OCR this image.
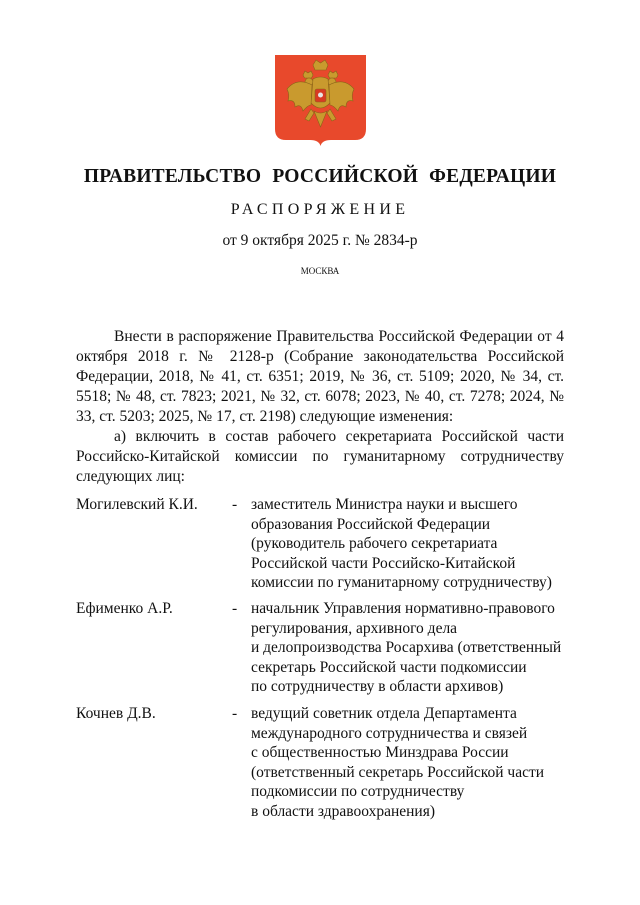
ПРАВИТЕЛЬСТВО РОССИЙСКОЙ ФЕДЕРАЦИИ
РАСПОРЯЖЕНИЕ
от 9 октября 2025 г. № 2834-р
МОСКВА

Внести в распоряжение Правительства Российской Федерации от 4 октября 2018 г. № 2128-р (Собрание законодательства Российской Федерации, 2018, № 41, ст. 6351; 2019, № 36, ст. 5109; 2020, № 34, ст. 5518; № 48, ст. 7823; 2021, № 32, ст. 6078; 2023, № 40, ст. 7278; 2024, № 33, ст. 5203; 2025, № 17, ст. 2198) следующие изменения:

а) включить в состав рабочего секретариата Российской части Российско-Китайской комиссии по гуманитарному сотрудничеству следующих лиц:

Могилевский К.И. - заместитель Министра науки и высшего
образования Российской Федерации
(руководитель рабочего секретариата
Российской части Российско-Китайской
комиссии по гуманитарному сотрудничеству)
Ефименко А.Р.	- начальник Управления нормативно-правового
регулирования, архивного дела
и делопроизводства Росархива (ответственный
секретарь Российской части подкомиссии
по сотрудничеству в области архивов)
Кочнев Д.В.	- ведущий советник отдела Департамента
международного сотрудничества и связей
с общественностью Минздрава России
(ответственный секретарь Российской части
подкомиссии по сотрудничеству
в области здравоохранения)
